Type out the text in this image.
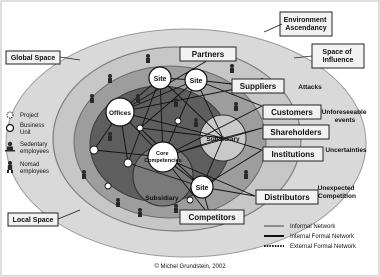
Site	Site
Site
Offices
Core Competencies
Subsidiary
Subsidiary
Partners
Suppliers
Customers
Shareholders
Institutions
Distributors
Competitors
Environment Ascendancy
Global Space
Space of Influence
Local Space
Attacks
Unforeseeable events
Uncertainties
Unexpected Competition
Project
Business Unit
Sedentary employees
Nomad employees
Informal Network
Internal Formal Network
External Formal Network
© Michel Grundstein, 2002
